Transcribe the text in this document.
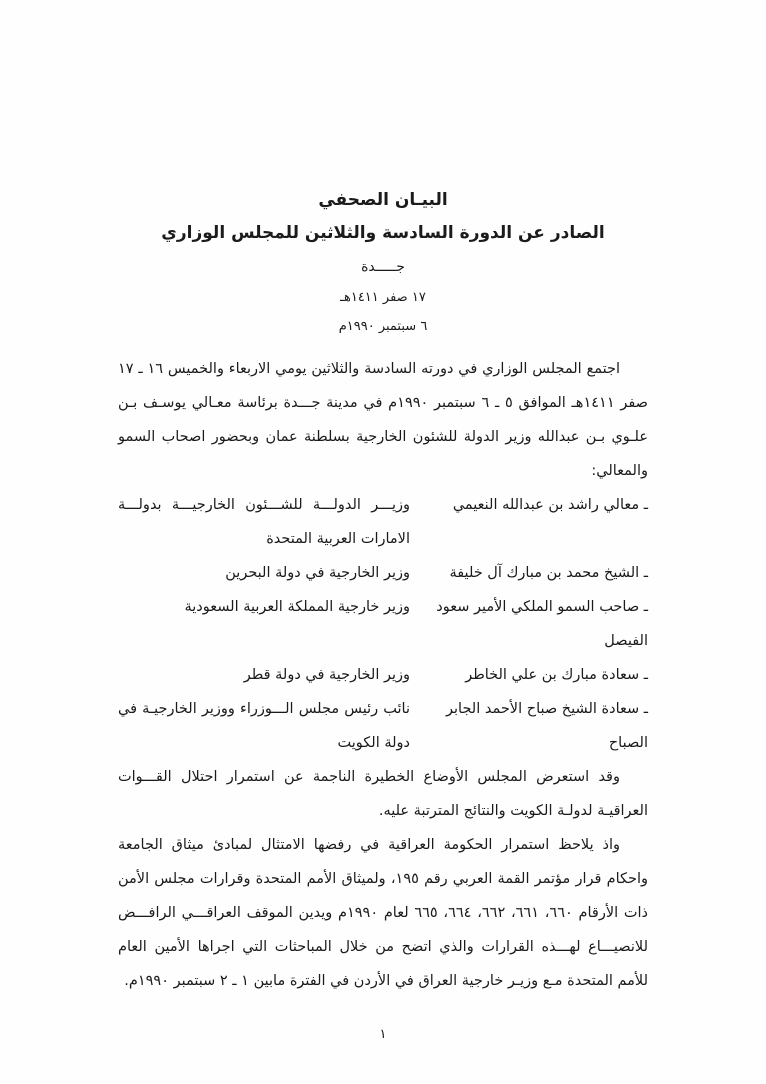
البيـان الصحفي
الصادر عن الدورة السادسة والثلاثين للمجلس الوزاري
جـــــدة
١٧ صفر ١٤١١هـ
٦ سبتمبر ١٩٩٠م

اجتمع المجلس الوزاري في دورته السادسة والثلاثين يومي الاربعاء والخميس ١٦ ـ ١٧ صفر ١٤١١هـ الموافق ٥ ـ ٦ سبتمبر ١٩٩٠م في مدينة جـــدة برئاسة معـالي يوسـف بـن علـوي بـن عبدالله وزير الدولة للشئون الخارجية بسلطنة عمان وبحضور اصحاب السمو والمعالي:

ـ معالي راشد بن عبدالله النعيمي
وزيـــر الدولـــة للشـــئون الخارجيـــة بدولـــة الامارات العربية المتحدة
ـ الشيخ محمد بن مبارك آل خليفة
وزير الخارجية في دولة البحرين
ـ صاحب السمو الملكي الأمير سعود الفيصل
وزير خارجية المملكة العربية السعودية
ـ سعادة مبارك بن علي الخاطر
وزير الخارجية في دولة قطر
ـ سعادة الشيخ صباح الأحمد الجابر الصباح
نائب رئيس مجلس الـــوزراء ووزير الخارجيـة في دولة الكويت

وقد استعرض المجلس الأوضاع الخطيرة الناجمة عن استمرار احتلال القـــوات العراقيـة لدولـة الكويت والنتائج المترتبة عليه.

واذ يلاحظ استمرار الحكومة العراقية في رفضها الامتثال لمبادئ ميثاق الجامعة واحكام قرار مؤتمر القمة العربي رقم ١٩٥، ولميثاق الأمم المتحدة وقرارات مجلس الأمن ذات الأرقام ٦٦٠، ٦٦١، ٦٦٢، ٦٦٤، ٦٦٥ لعام ١٩٩٠م ويدين الموقف العراقـــي الرافـــض للانصيـــاع لهـــذه القرارات والذي اتضح من خلال المباحثات التي اجراها الأمين العام للأمم المتحدة مـع وزيـر خارجية العراق في الأردن في الفترة مابين ١ ـ ٢ سبتمبر ١٩٩٠م.

١
